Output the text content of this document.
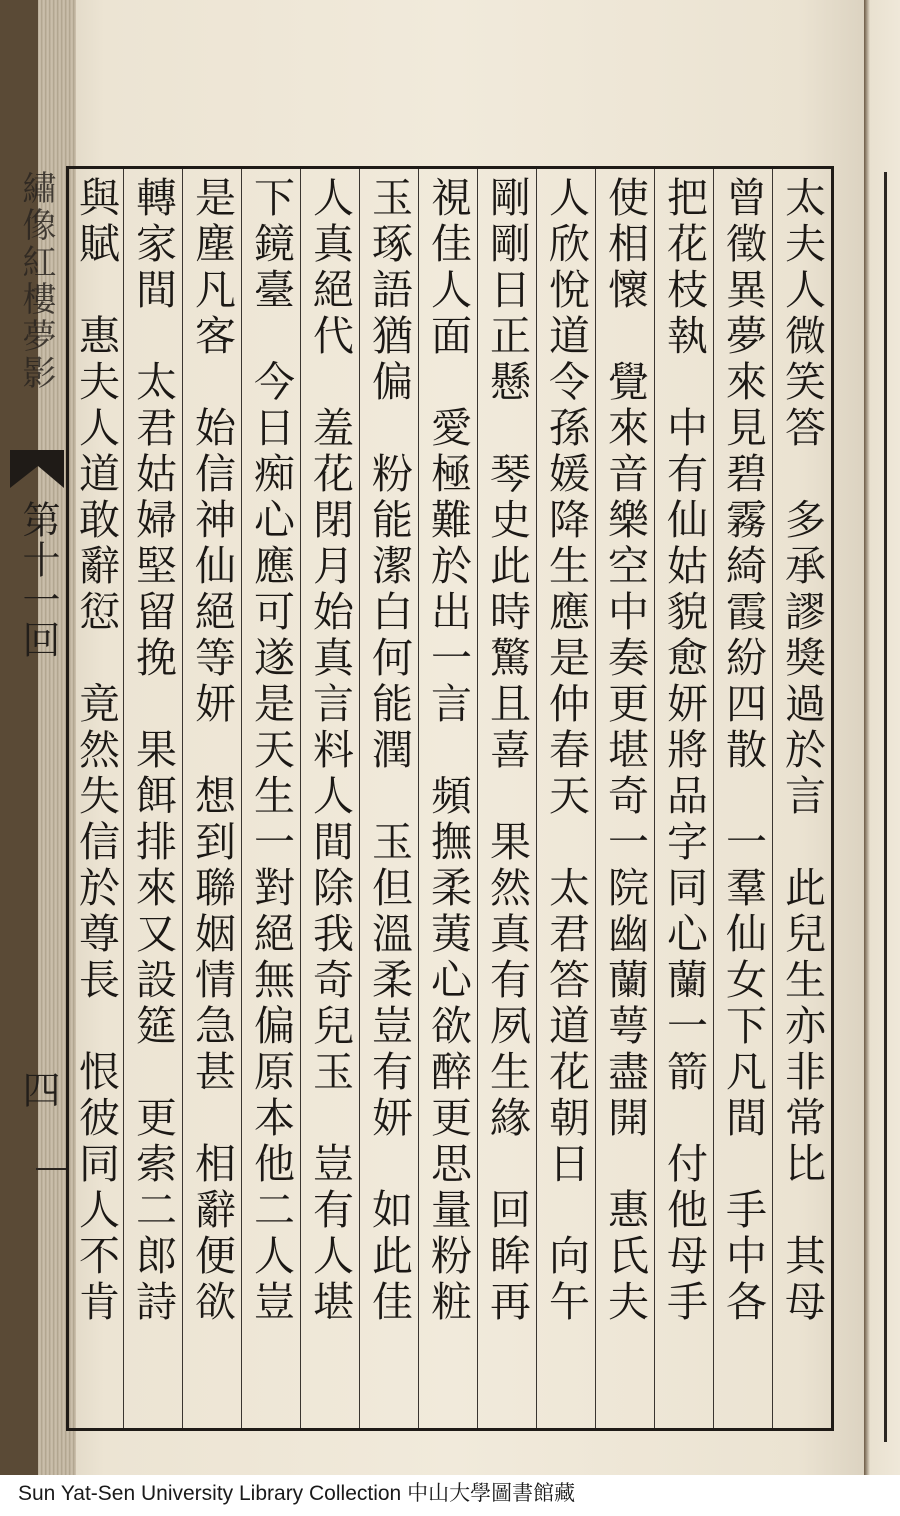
繡像紅樓夢影
第十一回
四	太夫人微笑答　多承謬獎過於言　此兒生亦非常比　其母
曾徵異夢來見碧霧綺霞紛四散　一羣仙女下凡間　手中各
把花枝執　中有仙姑貌愈妍將品字同心蘭一箭　付他母手
使相懷　覺來音樂空中奏更堪奇一院幽蘭萼盡開　惠氏夫
人欣悅道令孫媛降生應是仲春天　太君答道花朝日　向午
剛剛日正懸　琴史此時驚且喜　果然真有夙生緣　回眸再
視佳人面　愛極難於出一言　頻撫柔荑心欲醉更思量粉粧
玉琢語猶偏　粉能潔白何能潤　玉但溫柔豈有妍　如此佳
人真絕代　羞花閉月始真言料人間除我奇兒玉　豈有人堪
下鏡臺　今日痴心應可遂是天生一對絕無偏原本他二人豈
是塵凡客　始信神仙絕等妍　想到聯姻情急甚　相辭便欲
轉家間　太君姑婦堅留挽　果餌排來又設筵　更索二郎詩
與賦　惠夫人道敢辭愆　竟然失信於尊長　恨彼同人不肯
Sun Yat-Sen University Library Collection 中山大學圖書館藏
